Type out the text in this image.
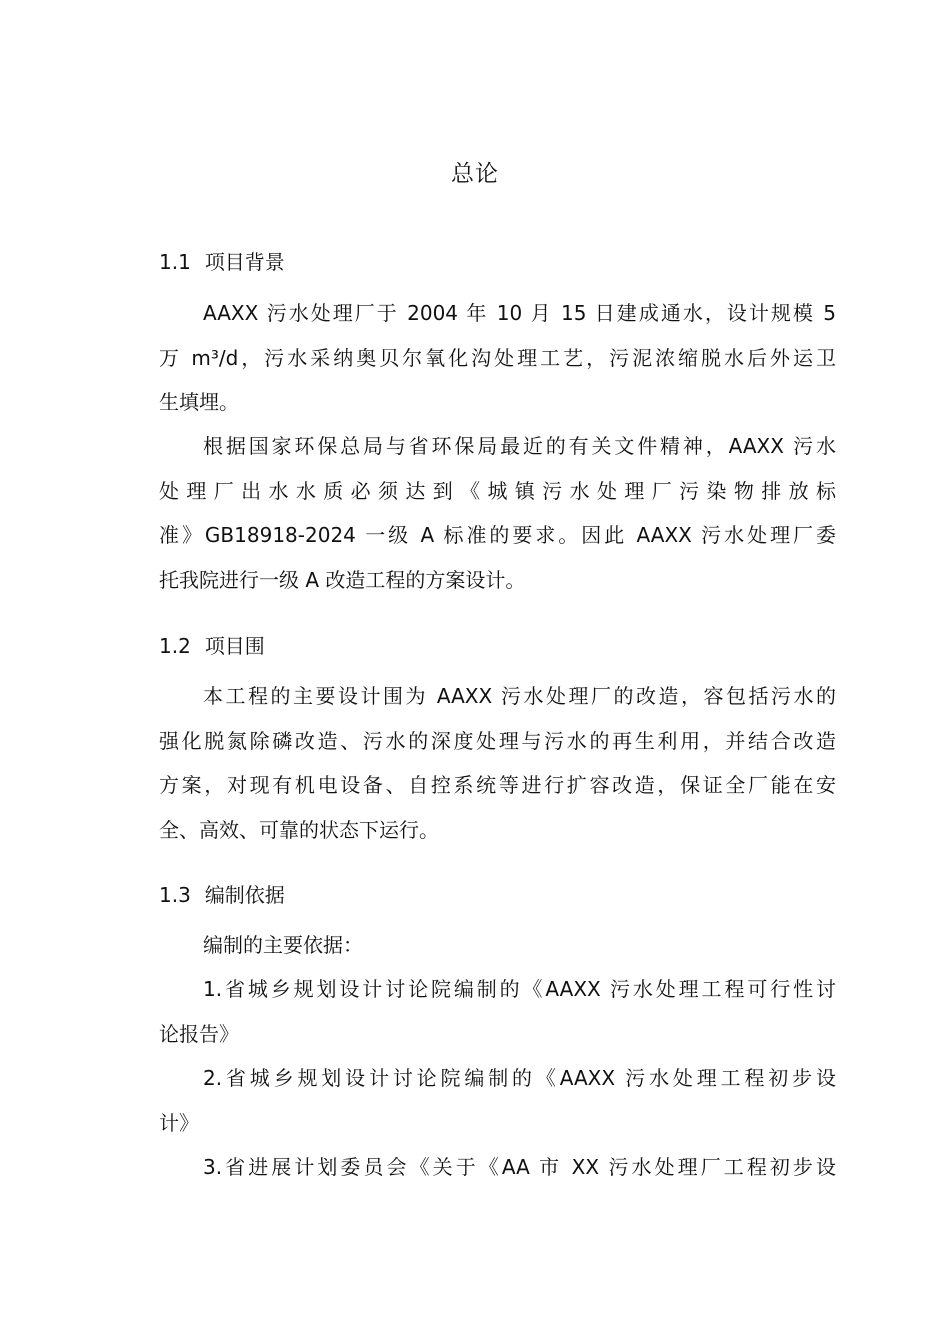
总论
1.1 项目背景
AAXX 污水处理厂于 2004 年 10 月 15 日建成通水，设计规模 5
万 m³/d，污水采纳奥贝尔氧化沟处理工艺，污泥浓缩脱水后外运卫
生填埋。
根据国家环保总局与省环保局最近的有关文件精神，AAXX 污水
处理厂出水水质必须达到《城镇污水处理厂污染物排放标
准》GB18918-2024 一级 A 标准的要求。因此 AAXX 污水处理厂委
托我院进行一级 A 改造工程的方案设计。
1.2 项目围
本工程的主要设计围为 AAXX 污水处理厂的改造，容包括污水的
强化脱氮除磷改造、污水的深度处理与污水的再生利用，并结合改造
方案，对现有机电设备、自控系统等进行扩容改造，保证全厂能在安
全、高效、可靠的状态下运行。
1.3 编制依据
编制的主要依据：
1.省城乡规划设计讨论院编制的《AAXX 污水处理工程可行性讨
论报告》
2.省城乡规划设计讨论院编制的《AAXX 污水处理工程初步设
计》
3.省进展计划委员会《关于《AA 市 XX 污水处理厂工程初步设
